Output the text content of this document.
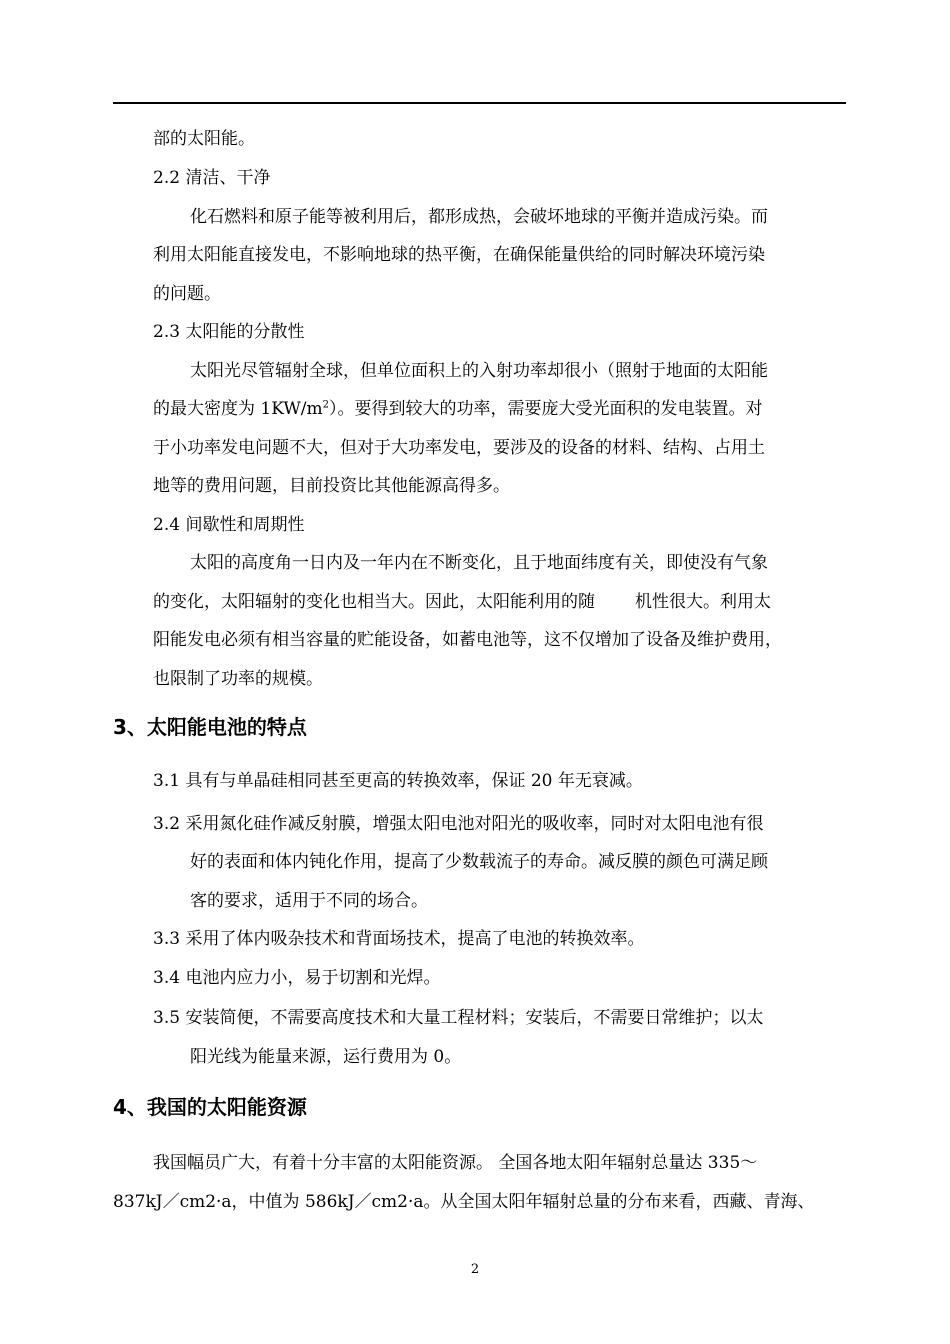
部的太阳能。
2.2 清洁、干净
化石燃料和原子能等被利用后，都形成热，会破坏地球的平衡并造成污染。而
利用太阳能直接发电，不影响地球的热平衡，在确保能量供给的同时解决环境污染
的问题。
2.3 太阳能的分散性
太阳光尽管辐射全球，但单位面积上的入射功率却很小（照射于地面的太阳能
的最大密度为 $1KW/m^2$）。要得到较大的功率，需要庞大受光面积的发电装置。对
于小功率发电问题不大，但对于大功率发电，要涉及的设备的材料、结构、占用土
地等的费用问题，目前投资比其他能源高得多。
2.4 间歇性和周期性
太阳的高度角一日内及一年内在不断变化，且于地面纬度有关，即使没有气象
的变化，太阳辐射的变化也相当大。因此，太阳能利用的随 机性很大。利用太
阳能发电必须有相当容量的贮能设备，如蓄电池等，这不仅增加了设备及维护费用，
也限制了功率的规模。
3、太阳能电池的特点
3.1 具有与单晶硅相同甚至更高的转换效率，保证 20 年无衰减。
3.2 采用氮化硅作减反射膜，增强太阳电池对阳光的吸收率，同时对太阳电池有很
好的表面和体内钝化作用，提高了少数载流子的寿命。减反膜的颜色可满足顾
客的要求，适用于不同的场合。
3.3 采用了体内吸杂技术和背面场技术，提高了电池的转换效率。
3.4 电池内应力小，易于切割和光焊。
3.5 安装简便，不需要高度技术和大量工程材料；安装后，不需要日常维护；以太
阳光线为能量来源，运行费用为 0。
4、我国的太阳能资源
我国幅员广大，有着十分丰富的太阳能资源。 全国各地太阳年辐射总量达 335～
837kJ／cm2·a，中值为 586kJ／cm2·a。从全国太阳年辐射总量的分布来看，西藏、青海、
2
